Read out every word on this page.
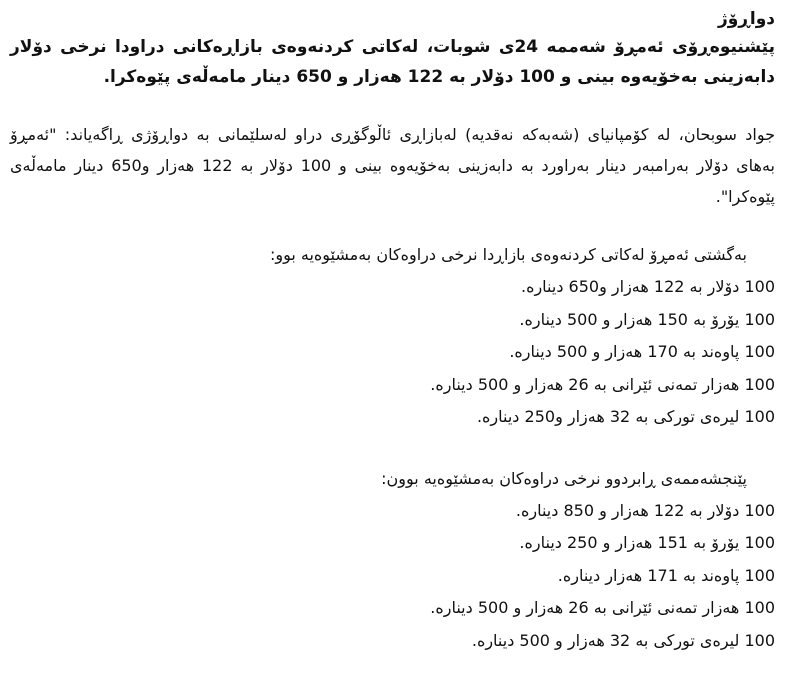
دواڕۆژ
پێشنیوەڕۆی ئەمڕۆ شەممە 24ی شوبات، لەکاتی کردنەوەی بازاڕەکانی دراودا نرخی دۆلار دابەزینی بەخۆیەوە بینی و 100 دۆلار بە 122 هەزار و 650 دینار مامەڵەی پێوەکرا.
جواد سوبحان، لە کۆمپانیای (شەبەکە نەقدیە) لەبازاڕی ئاڵوگۆڕی دراو لەسلێمانی بە دواڕۆژی ڕاگەیاند: "ئەمڕۆ بەهای دۆلار بەرامبەر دینار بەراورد بە دابەزینی بەخۆیەوە بینی و 100 دۆلار بە 122 هەزار و650 دینار مامەڵەی پێوەکرا".
بەگشتی ئەمڕۆ لەکاتی کردنەوەی بازاڕدا نرخی دراوەکان بەمشێوەیە بوو:
100 دۆلار بە 122 هەزار و650 دینارە.
100 یۆرۆ بە 150 هەزار و 500 دینارە.
100 پاوەند بە 170 هەزار و 500 دینارە.
100 هەزار تمەنی ئێرانی بە 26 هەزار و 500 دینارە.
100 لیرەی تورکی بە 32 هەزار و250 دینارە.
پێنجشەممەی ڕابردوو نرخی دراوەکان بەمشێوەیە بوون:
100 دۆلار بە 122 هەزار و 850 دینارە.
100 یۆرۆ بە 151 هەزار و 250 دینارە.
100 پاوەند بە 171 هەزار دینارە.
100 هەزار تمەنی ئێرانی بە 26 هەزار و 500 دینارە.
100 لیرەی تورکی بە 32 هەزار و 500 دینارە.
